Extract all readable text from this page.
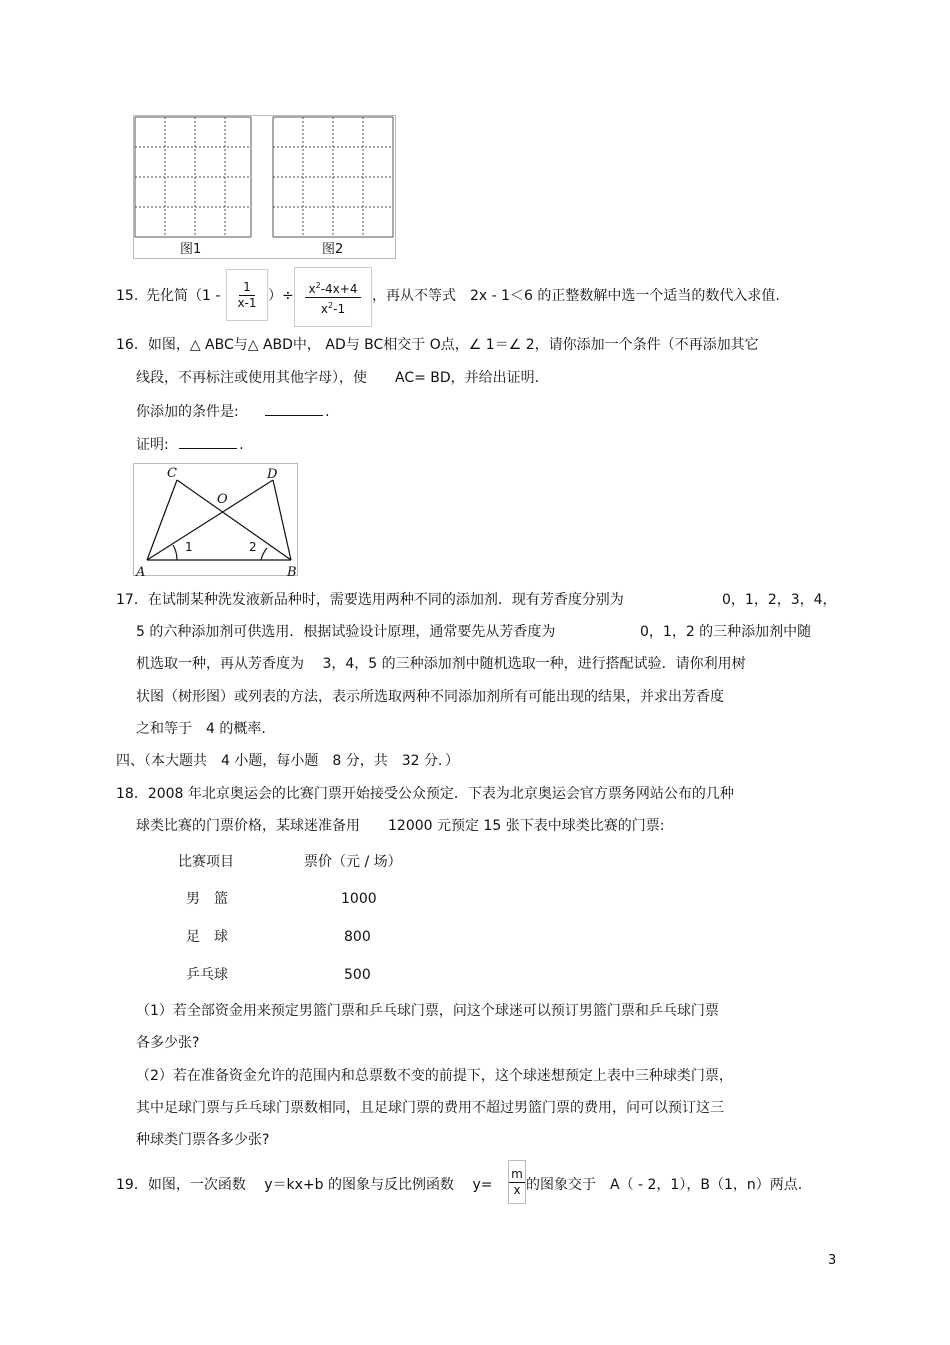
图1	图2
15. 先化简（$1 - \frac{1}{x-1}$ ）÷ $\frac{x^2-4x+4}{x^2-1}$ ，再从不等式　2x - 1＜6 的正整数解中选一个适当的数代入求值.
16．如图，△ ABC与△ ABD中， AD与 BC相交于 O点，∠ 1＝∠ 2，请你添加一个条件（不再添加其它
线段，不再标注或使用其他字母），使　　AC= BD，并给出证明.
你添加的条件是:	.
证明:	.
C	D
O
A	B
1	2
17．在试制某种洗发液新品种时，需要选用两种不同的添加剂．现有芳香度分别为	0，1，2，3，4，
5 的六种添加剂可供选用．根据试验设计原理，通常要先从芳香度为	0，1，2 的三种添加剂中随
机选取一种，再从芳香度为　 3，4，5 的三种添加剂中随机选取一种，进行搭配试验．请你利用树
状图（树形图）或列表的方法，表示所选取两种不同添加剂所有可能出现的结果，并求出芳香度
之和等于　4 的概率.
四、（本大题共　4 小题，每小题　8 分，共　32 分．）
18．2008 年北京奥运会的比赛门票开始接受公众预定．下表为北京奥运会官方票务网站公布的几种
球类比赛的门票价格，某球迷准备用　　12000 元预定 15 张下表中球类比赛的门票:
比赛项目	票价（元 / 场）
男　篮	1000
足　球	800
乒乓球	500
（1）若全部资金用来预定男篮门票和乒乓球门票，问这个球迷可以预订男篮门票和乒乓球门票
各多少张?
（2）若在准备资金允许的范围内和总票数不变的前提下，这个球迷想预定上表中三种球类门票，
其中足球门票与乒乓球门票数相同，且足球门票的费用不超过男篮门票的费用，问可以预订这三
种球类门票各多少张?
19．如图，一次函数　 y＝kx+b 的图象与反比例函数　 $y= \frac{m}{x}$ 的图象交于　A（ - 2，1），B（1，n）两点.
3
